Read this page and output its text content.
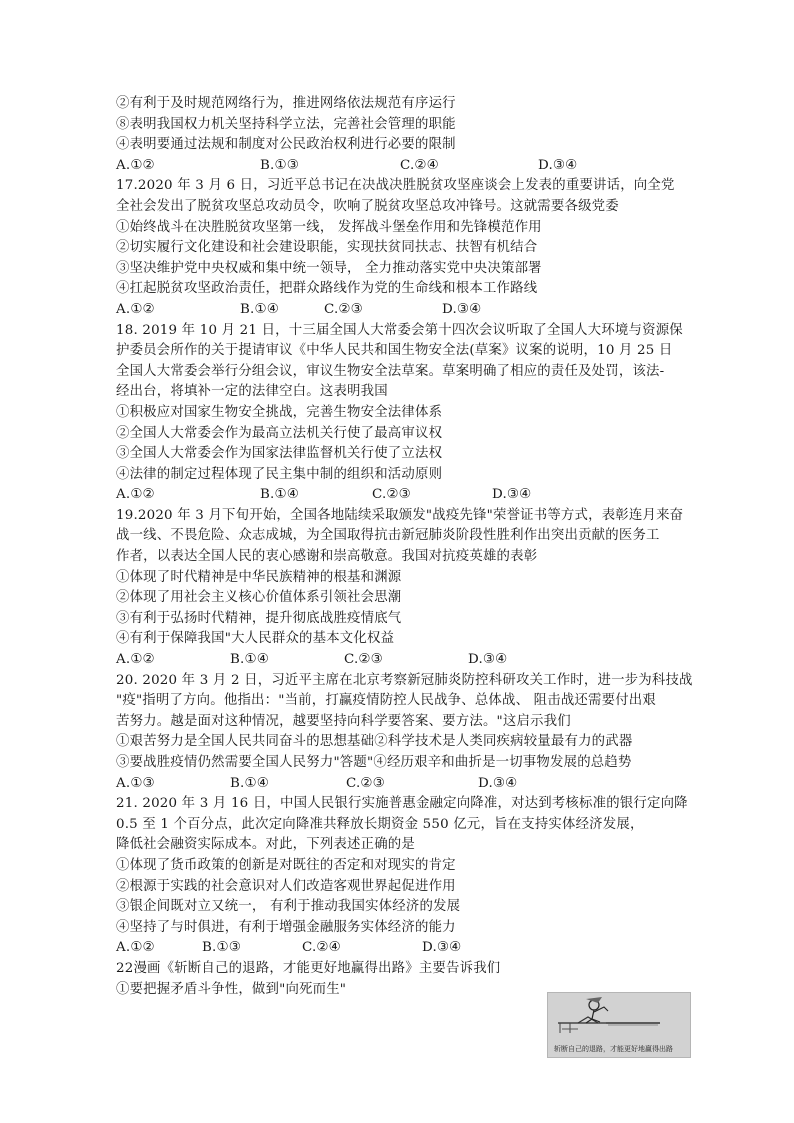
②有利于及时规范网络行为，推进网络依法规范有序运行
⑧表明我国权力机关坚持科学立法，完善社会管理的职能
④表明要通过法规和制度对公民政治权利进行必要的限制
A.①②	B.①③	C.②④	D.③④
17.2020 年 3 月 6 日，习近平总书记在决战决胜脱贫攻坚座谈会上发表的重要讲话，向全党
全社会发出了脱贫攻坚总攻动员令，吹响了脱贫攻坚总攻冲锋号。这就需要各级党委
①始终战斗在决胜脱贫攻坚第一线， 发挥战斗堡垒作用和先锋模范作用
②切实履行文化建设和社会建设职能，实现扶贫同扶志、扶智有机结合
③坚决维护党中央权威和集中统一领导， 全力推动落实党中央决策部署
④扛起脱贫攻坚政治责任，把群众路线作为党的生命线和根本工作路线
A.①②	B.①④	C.②③	D.③④
18. 2019 年 10 月 21 日，十三届全国人大常委会第十四次会议听取了全国人大环境与资源保
护委员会所作的关于提请审议《中华人民共和国生物安全法(草案》议案的说明，10 月 25 日
全国人大常委会举行分组会议，审议生物安全法草案。草案明确了相应的责任及处罚，该法-
经出台，将填补一定的法律空白。这表明我国
①积极应对国家生物安全挑战，完善生物安全法律体系
②全国人大常委会作为最高立法机关行使了最高审议权
③全国人大常委会作为国家法律监督机关行使了立法权
④法律的制定过程体现了民主集中制的组织和活动原则
A.①②	B.①④	C.②③	D.③④
19.2020 年 3 月下旬开始，全国各地陆续采取颁发"战疫先锋"荣誉证书等方式，表彰连月来奋
战一线、不畏危险、众志成城，为全国取得抗击新冠肺炎阶段性胜利作出突出贡献的医务工
作者，以表达全国人民的衷心感谢和崇高敬意。我国对抗疫英雄的表彰
①体现了时代精神是中华民族精神的根基和渊源
②体现了用社会主义核心价值体系引领社会思潮
③有利于弘扬时代精神，提升彻底战胜疫情底气
④有利于保障我国"大人民群众的基本文化权益
A.①②	B.①④	C.②③	D.③④
20. 2020 年 3 月 2 日，习近平主席在北京考察新冠肺炎防控科研攻关工作时，进一步为科技战
"疫"指明了方向。他指出："当前，打赢疫情防控人民战争、总体战、 阻击战还需要付出艰
苦努力。越是面对这种情况，越要坚持向科学要答案、要方法。"这启示我们
①艰苦努力是全国人民共同奋斗的思想基础②科学技术是人类同疾病较量最有力的武器
③要战胜疫情仍然需要全国人民努力"答题"④经历艰辛和曲折是一切事物发展的总趋势
A.①③	B.①④	C.②③	D.③④
21. 2020 年 3 月 16 日，中国人民银行实施普惠金融定向降准，对达到考核标准的银行定向降
0.5 至 1 个百分点，此次定向降准共释放长期资金 550 亿元，旨在支持实体经济发展，
降低社会融资实际成本。对此，下列表述正确的是
①体现了货币政策的创新是对既往的否定和对现实的肯定
②根源于实践的社会意识对人们改造客观世界起促进作用
③银企间既对立又统一， 有利于推动我国实体经济的发展
④坚持了与时俱进，有利于增强金融服务实体经济的能力
A.①②	B.①③	C.②④	D.③④
22漫画《斩断自己的退路，才能更好地赢得出路》主要告诉我们
①要把握矛盾斗争性，做到"向死而生"
斩断自己的退路，才能更好地赢得出路
